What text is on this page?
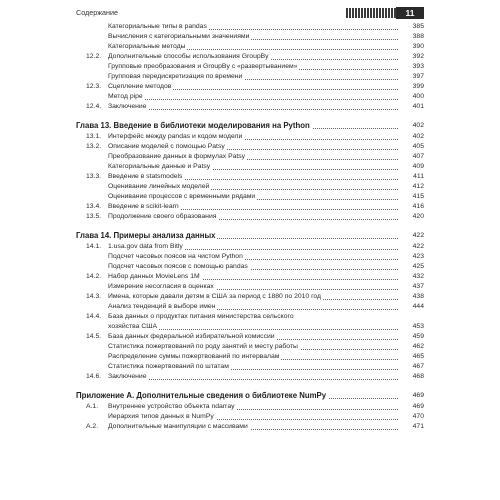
Содержание	11
Категориальные типы в pandas	385
Вычисления с категориальными значениями	388
Категориальные методы	390
12.2. Дополнительные способы использования GroupBy	392
Групповые преобразования и GroupBy с «развертыванием»	393
Групповая передискретизация по времени	397
12.3. Сцепление методов	399
Метод pipe	400
12.4. Заключение	401
Глава 13. Введение в библиотеки моделирования на Python	402
13.1. Интерфейс между pandas и кодом модели	402
13.2. Описание моделей с помощью Patsy	405
Преобразование данных в формулах Patsy	407
Категориальные данные и Patsy	409
13.3. Введение в statsmodels	411
Оценивание линейных моделей	412
Оценивание процессов с временными рядами	415
13.4. Введение в scikit-learn	416
13.5. Продолжение своего образования	420
Глава 14. Примеры анализа данных	422
14.1. 1.usa.gov data from Bitly	422
Подсчет часовых поясов на чистом Python	423
Подсчет часовых поясов с помощью pandas	425
14.2. Набор данных MovieLens 1M	432
Измерение несогласия в оценках	437
14.3. Имена, которые давали детям в США за период с 1880 по 2010 год	438
Анализ тенденций в выборе имен	444
14.4. База данных о продуктах питания министерства сельского
хозяйства США	453
14.5. База данных федеральной избирательной комиссии	459
Статистика пожертвований по роду занятий и месту работы	462
Распределение суммы пожертвований по интервалам	465
Статистика пожертвований по штатам	467
14.6. Заключение	468
Приложение А. Дополнительные сведения о библиотеке NumPy	469
А.1. Внутреннее устройство объекта ndarray	469
Иерархия типов данных в NumPy	470
А.2. Дополнительные манипуляции с массивами	471
